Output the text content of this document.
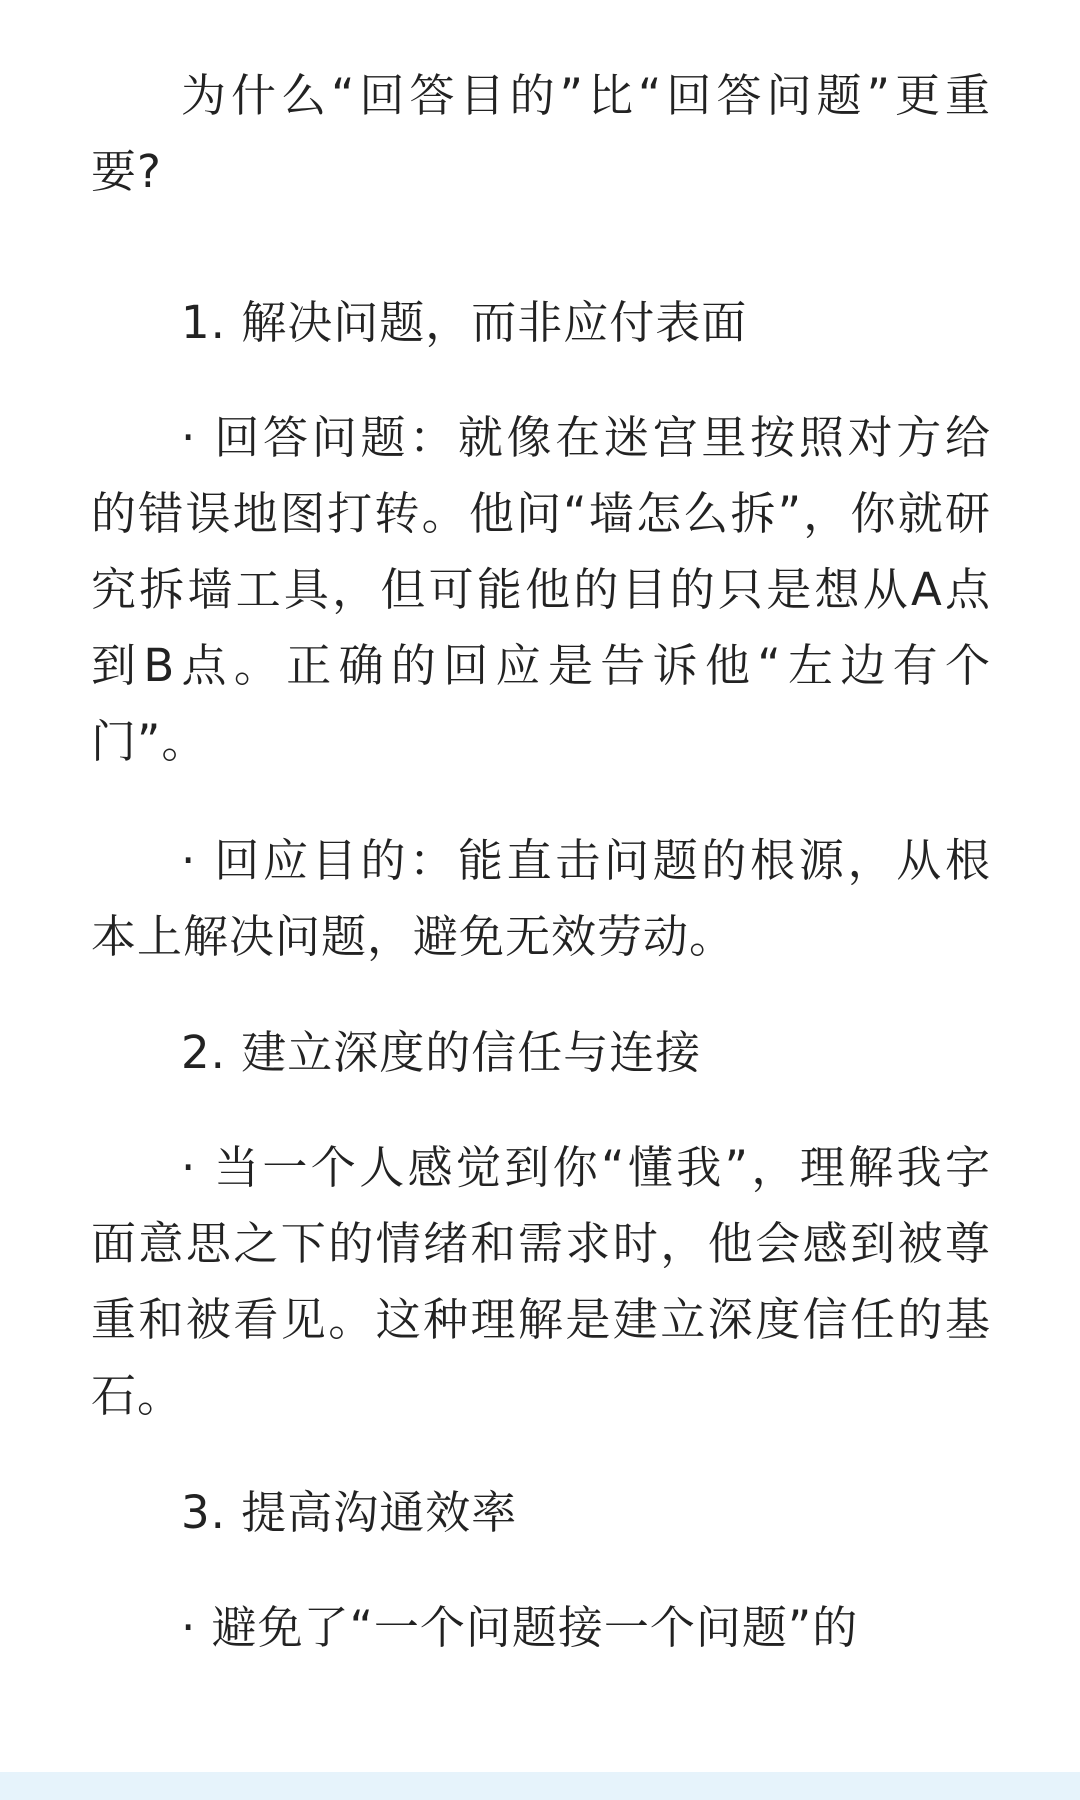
为什么“回答目的”比“回答问题”更重要?

1. 解决问题，而非应付表面

· 回答问题：就像在迷宫里按照对方给的错误地图打转。他问“墙怎么拆”，你就研究拆墙工具，但可能他的目的只是想从A点到B点。正确的回应是告诉他“左边有个门”。

· 回应目的：能直击问题的根源，从根本上解决问题，避免无效劳动。

2. 建立深度的信任与连接

· 当一个人感觉到你“懂我”，理解我字面意思之下的情绪和需求时，他会感到被尊重和被看见。这种理解是建立深度信任的基石。

3. 提高沟通效率

· 避免了“一个问题接一个问题”的
